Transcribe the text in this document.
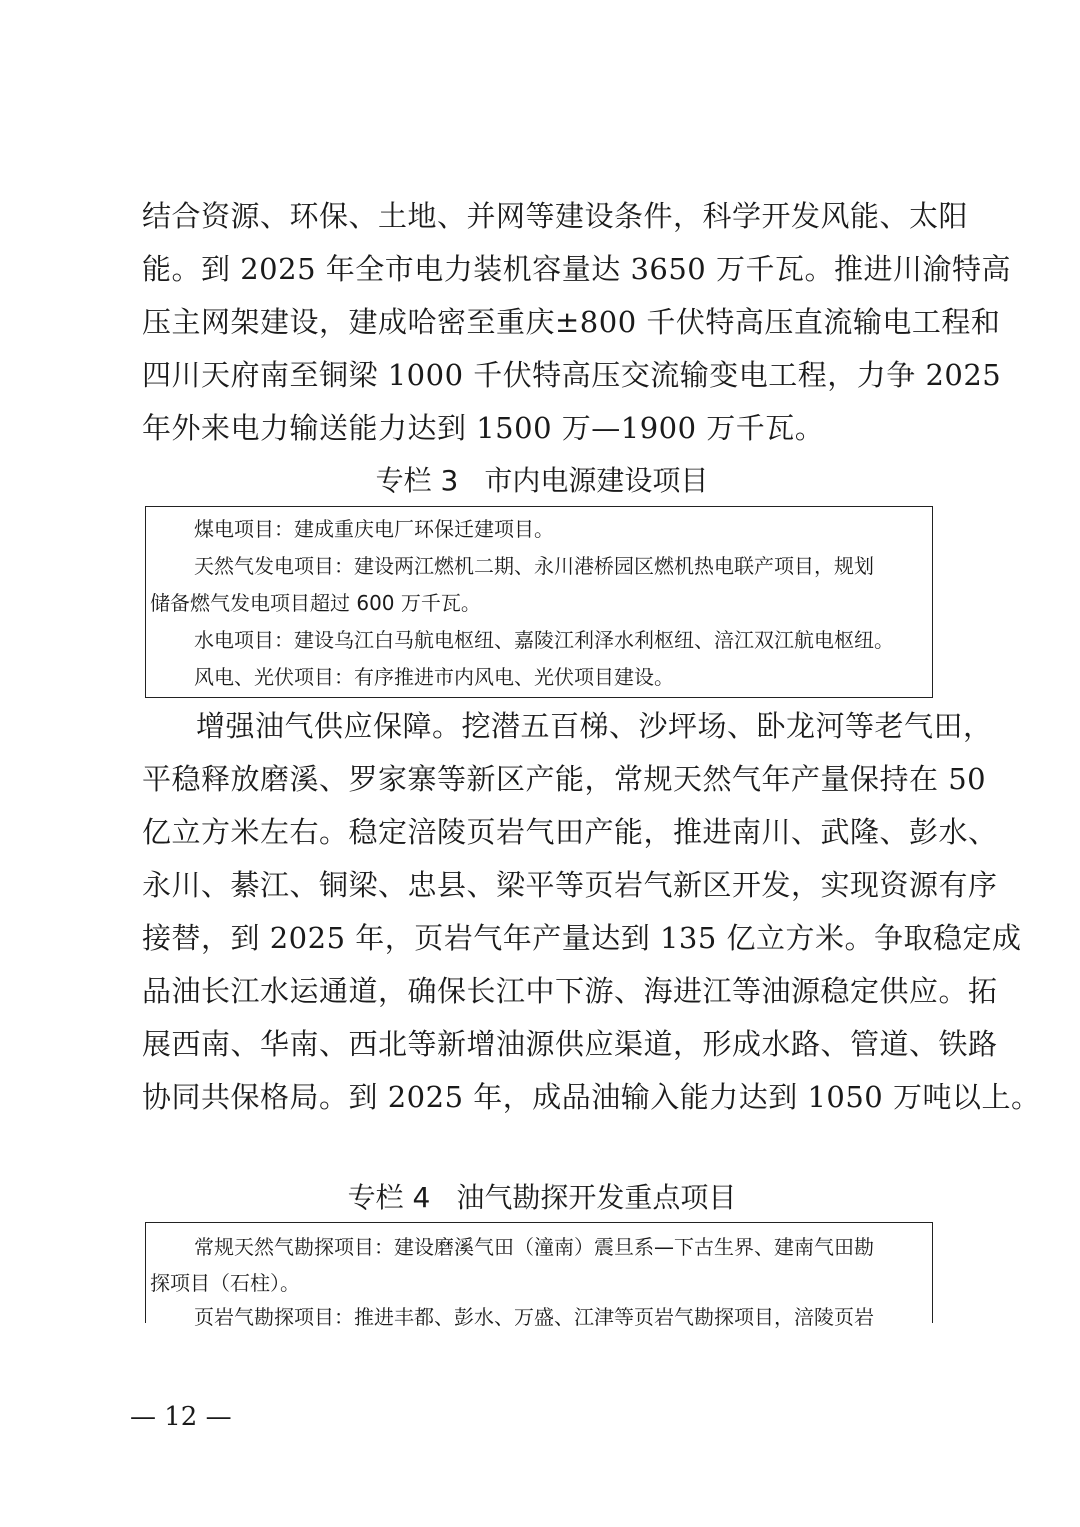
结合资源、环保、土地、并网等建设条件，科学开发风能、太阳
能。到 2025 年全市电力装机容量达 3650 万千瓦。推进川渝特高
压主网架建设，建成哈密至重庆±800 千伏特高压直流输电工程和
四川天府南至铜梁 1000 千伏特高压交流输变电工程，力争 2025
年外来电力输送能力达到 1500 万—1900 万千瓦。
专栏 3 市内电源建设项目
煤电项目：建成重庆电厂环保迁建项目。
天然气发电项目：建设两江燃机二期、永川港桥园区燃机热电联产项目，规划
储备燃气发电项目超过 600 万千瓦。
水电项目：建设乌江白马航电枢纽、嘉陵江利泽水利枢纽、涪江双江航电枢纽。
风电、光伏项目：有序推进市内风电、光伏项目建设。
增强油气供应保障。挖潜五百梯、沙坪场、卧龙河等老气田，
平稳释放磨溪、罗家寨等新区产能，常规天然气年产量保持在 50
亿立方米左右。稳定涪陵页岩气田产能，推进南川、武隆、彭水、
永川、綦江、铜梁、忠县、梁平等页岩气新区开发，实现资源有序
接替，到 2025 年，页岩气年产量达到 135 亿立方米。争取稳定成
品油长江水运通道，确保长江中下游、海进江等油源稳定供应。拓
展西南、华南、西北等新增油源供应渠道，形成水路、管道、铁路
协同共保格局。到 2025 年，成品油输入能力达到 1050 万吨以上。
专栏 4 油气勘探开发重点项目
常规天然气勘探项目：建设磨溪气田（潼南）震旦系—下古生界、建南气田勘
探项目（石柱）。
页岩气勘探项目：推进丰都、彭水、万盛、江津等页岩气勘探项目，涪陵页岩
— 12 —
